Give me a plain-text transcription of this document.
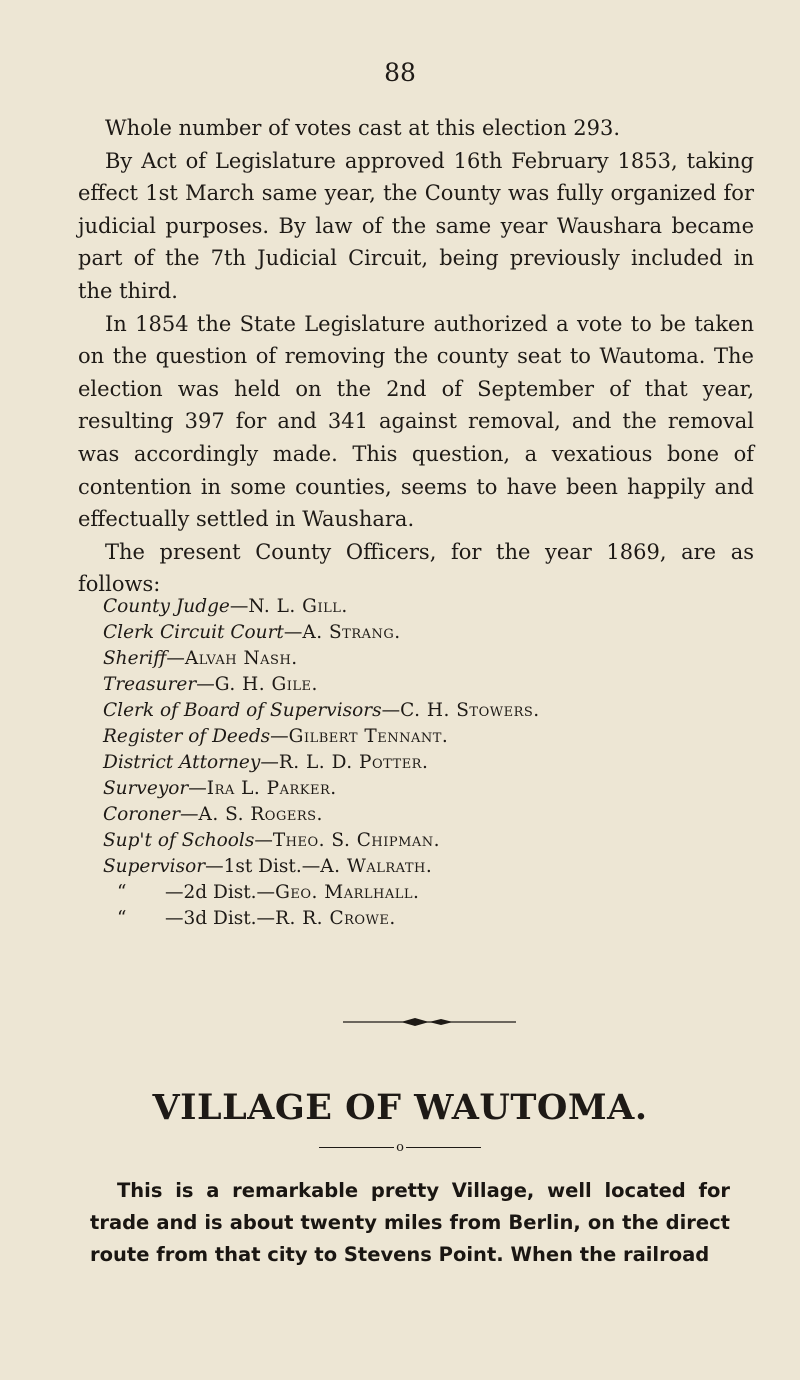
88

Whole number of votes cast at this election 293.

By Act of Legislature approved 16th February 1853, taking effect 1st March same year, the County was fully organized for judicial purposes. By law of the same year Waushara became part of the 7th Judicial Circuit, being previously included in the third.

In 1854 the State Legislature authorized a vote to be taken on the question of removing the county seat to Wautoma. The election was held on the 2nd of September of that year, resulting 397 for and 341 against removal, and the removal was accordingly made. This question, a vexatious bone of contention in some counties, seems to have been happily and effectually settled in Waushara.

The present County Officers, for the year 1869, are as follows:

County Judge—N. L. Gill.
Clerk Circuit Court—A. Strang.
Sheriff—Alvah Nash.
Treasurer—G. H. Gile.
Clerk of Board of Supervisors—C. H. Stowers.
Register of Deeds—Gilbert Tennant.
District Attorney—R. L. D. Potter.
Surveyor—Ira L. Parker.
Coroner—A. S. Rogers.
Sup't of Schools—Theo. S. Chipman.
Supervisor—1st Dist.—A. Walrath.
“ —2d Dist.—Geo. Marlhall.
“ —3d Dist.—R. R. Crowe.
VILLAGE OF WAUTOMA.
o

This is a remarkable pretty Village, well located for trade and is about twenty miles from Berlin, on the direct route from that city to Stevens Point. When the railroad
